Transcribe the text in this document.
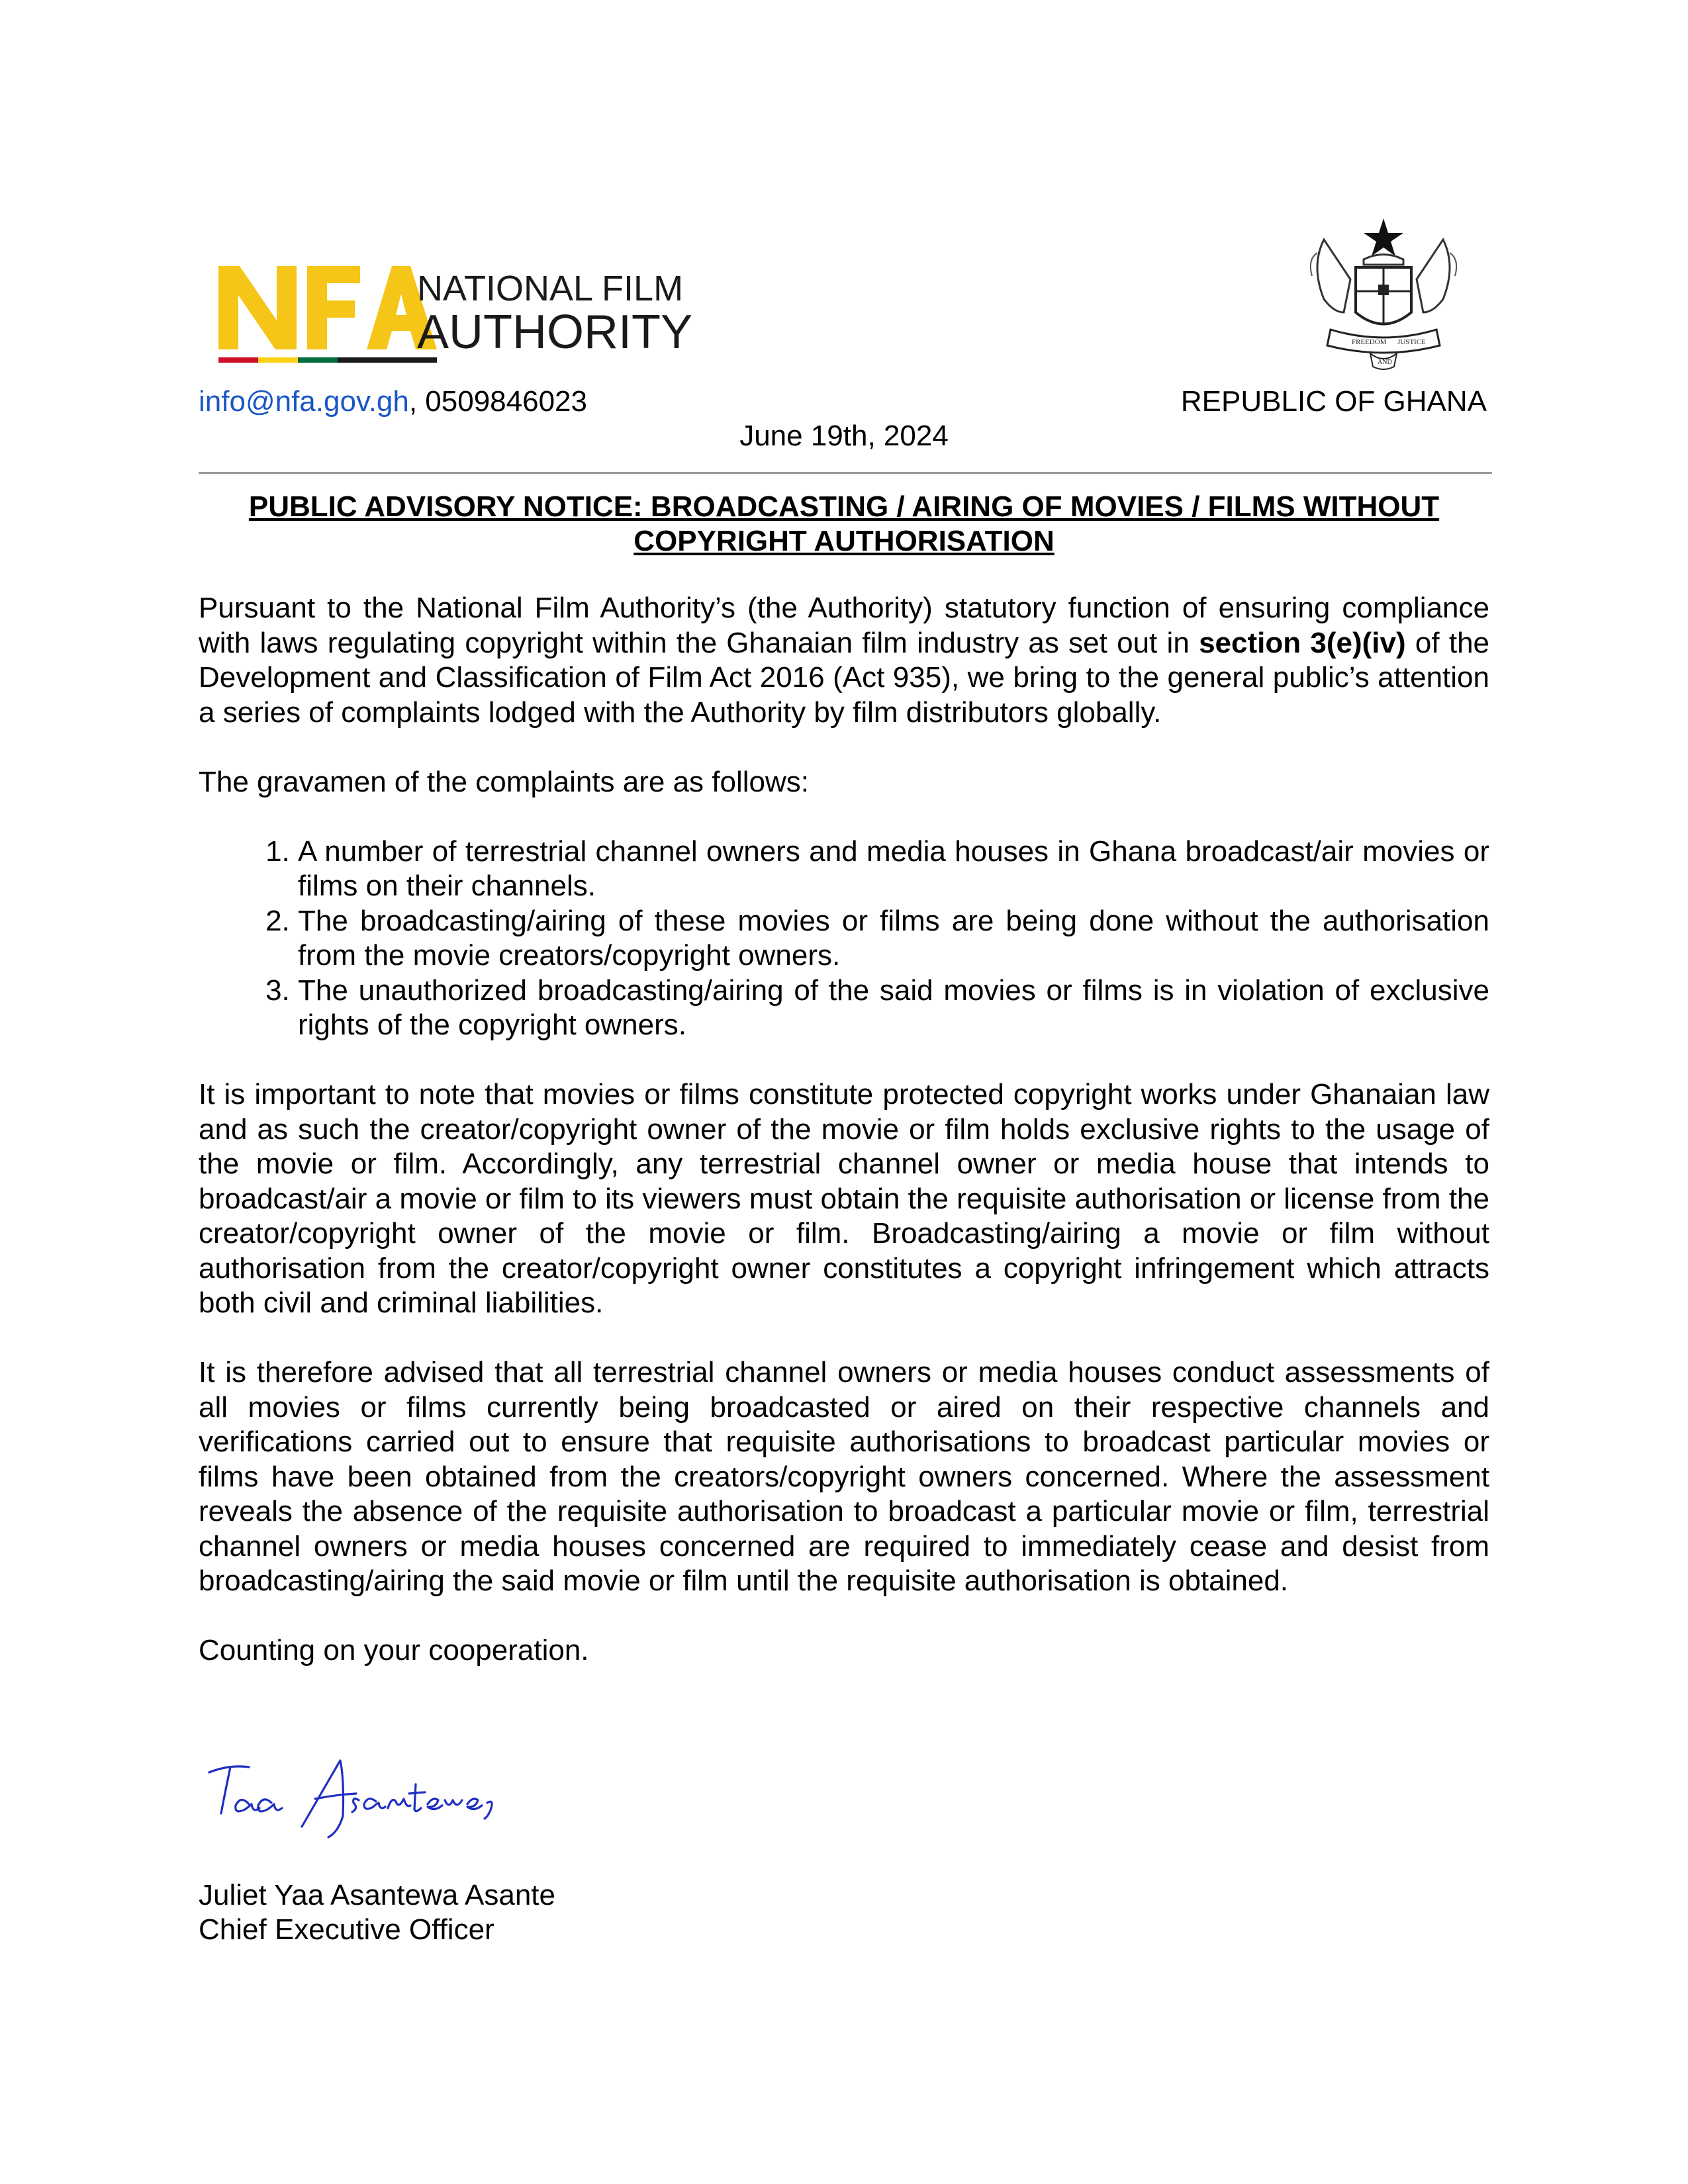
NATIONAL FILM
AUTHORITY	FREEDOM JUSTICE
AND
info@nfa.gov.gh, 0509846023	REPUBLIC OF GHANA
June 19th, 2024
PUBLIC ADVISORY NOTICE: BROADCASTING / AIRING OF MOVIES / FILMS WITHOUT
COPYRIGHT AUTHORISATION

Pursuant to the National Film Authority’s (the Authority) statutory function of ensuring compliance with laws regulating copyright within the Ghanaian film industry as set out in section 3(e)(iv) of the Development and Classification of Film Act 2016 (Act 935), we bring to the general public’s attention a series of complaints lodged with the Authority by film distributors globally.

The gravamen of the complaints are as follows:

1. A number of terrestrial channel owners and media houses in Ghana broadcast/air movies or films on their channels.
2. The broadcasting/airing of these movies or films are being done without the authorisation from the movie creators/copyright owners.
3. The unauthorized broadcasting/airing of the said movies or films is in violation of exclusive rights of the copyright owners.

It is important to note that movies or films constitute protected copyright works under Ghanaian law and as such the creator/copyright owner of the movie or film holds exclusive rights to the usage of the movie or film. Accordingly, any terrestrial channel owner or media house that intends to broadcast/air a movie or film to its viewers must obtain the requisite authorisation or license from the creator/copyright owner of the movie or film. Broadcasting/airing a movie or film without authorisation from the creator/copyright owner constitutes a copyright infringement which attracts both civil and criminal liabilities.

It is therefore advised that all terrestrial channel owners or media houses conduct assessments of all movies or films currently being broadcasted or aired on their respective channels and verifications carried out to ensure that requisite authorisations to broadcast particular movies or films have been obtained from the creators/copyright owners concerned. Where the assessment reveals the absence of the requisite authorisation to broadcast a particular movie or film, terrestrial channel owners or media houses concerned are required to immediately cease and desist from broadcasting/airing the said movie or film until the requisite authorisation is obtained.

Counting on your cooperation.

Juliet Yaa Asantewa Asante
Chief Executive Officer
